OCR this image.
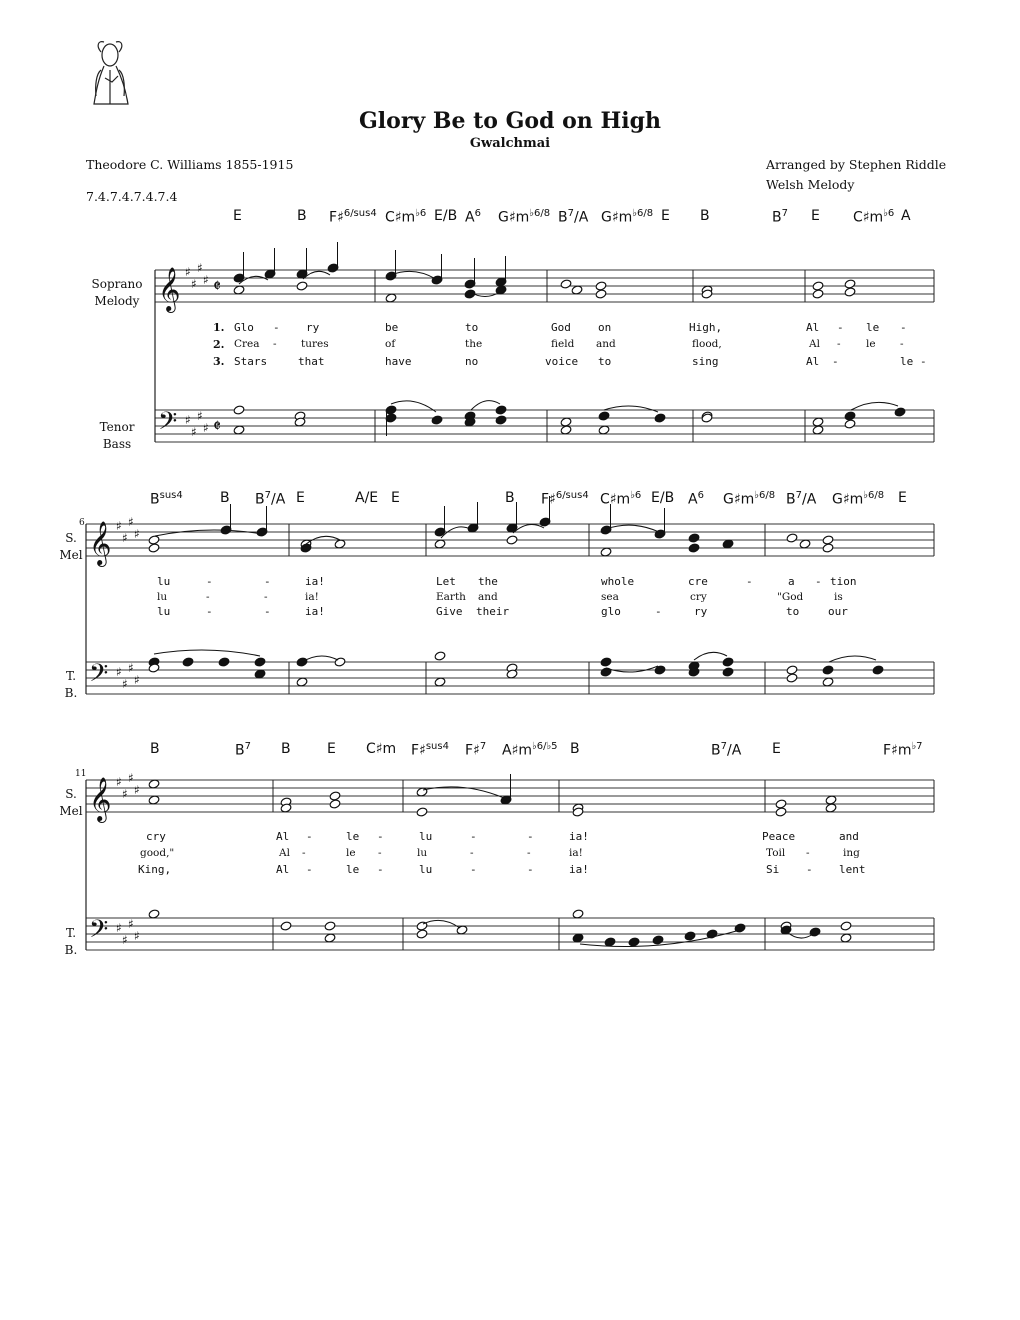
Glory Be to God on High
Gwalchmai
Theodore C. Williams 1855-1915
7.4.7.4.7.4.7.4
Arranged by Stephen Riddle
Welsh Melody
Soprano
Melody
Tenor
Bass
S.
Mel
T.
B.
S.
Mel
T.
B.
6
11
𝄞
𝄢
♯
♯
♯
♯
♯
♯
♯
♯
𝄵
𝄵
𝄞
𝄢
♯
♯
♯
♯
♯
♯
♯
♯
𝄞
𝄢
♯
♯
♯
♯
♯
♯
♯
♯
E	B F♯$^{6/sus4}$ $C♯m^{♭6}$ E/B $A^6$ $G♯m^{♭6/8}$ $B^7/A$ $G♯m^{♭6/8}$ E B	$B^7$ E $C♯m^{♭6}$ A
$B^{sus4}$	B $B^7/A$ E	A/E E	B F♯$^{6/sus4}$ $C♯m^{♭6}$ E/B $A^6$ $G♯m^{♭6/8}$ $B^7/A$ $G♯m^{♭6/8}$ E
B	$B^7$ B	E C♯m F♯$^{sus4}$ F♯$^7$ $A♯m^{♭6/♭5}$ B	$B^7/A$ E	$F♯m^{♭7}$
Glo - ry	be	to	God on	High,	Al - le -
Crea - tures	of	the	field and	flood,	Al - le -
Stars	that	have	no	voice to	sing	Al -	le -
lu	-	-	ia!	Let the	whole	cre	-	a - tion
lu	-	-	ia!	Earth and	sea	cry	"God	is
lu	-	-	ia!	Give their	glo	-	ry	to	our
cry	Al -	le -	lu	-	-	ia!	Peace	and
good,"	Al -	le -	lu	-	-	ia!	Toil -	ing
King,	Al -	le -	lu	-	-	ia!	Si - lent
1.
2.
3.
